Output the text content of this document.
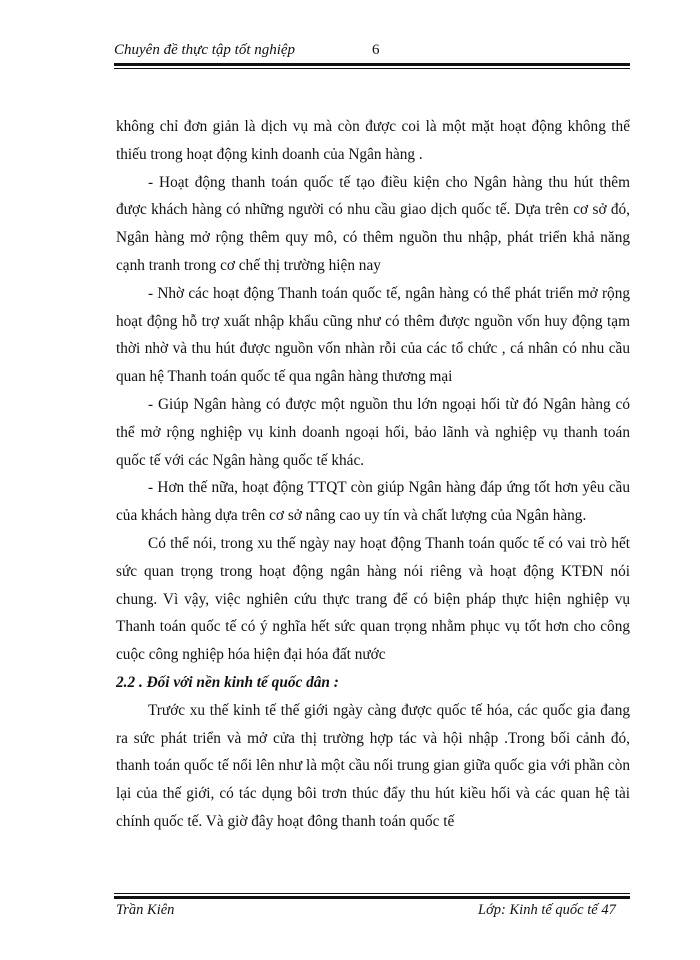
Chuyên đề thực tập tốt nghiệp	6

không chỉ đơn giản là dịch vụ mà còn được coi là một mặt hoạt động không thể thiếu trong hoạt động kinh doanh của Ngân hàng .

- Hoạt động thanh toán quốc tế tạo điều kiện cho Ngân hàng thu hút thêm được khách hàng có những người có nhu cầu giao dịch quốc tế. Dựa trên cơ sở đó, Ngân hàng mở rộng thêm quy mô, có thêm nguồn thu nhập, phát triển khả năng cạnh tranh trong cơ chế thị trường hiện nay

- Nhờ các hoạt động Thanh toán quốc tế, ngân hàng có thể phát triển mở rộng hoạt động hỗ trợ xuất nhập khẩu cũng như có thêm được nguồn vốn huy động tạm thời nhờ và thu hút được nguồn vốn nhàn rỗi của các tổ chức , cá nhân có nhu cầu quan hệ Thanh toán quốc tế qua ngân hàng thương mại

- Giúp Ngân hàng có được một nguồn thu lớn ngoại hối từ đó Ngân hàng có thể mở rộng nghiệp vụ kinh doanh ngoại hối, bảo lãnh và nghiệp vụ thanh toán quốc tế với các Ngân hàng quốc tế khác.

- Hơn thế nữa, hoạt động TTQT còn giúp Ngân hàng đáp ứng tốt hơn yêu cầu của khách hàng dựa trên cơ sở nâng cao uy tín và chất lượng của Ngân hàng.

Có thể nói, trong xu thế ngày nay hoạt động Thanh toán quốc tế có vai trò hết sức quan trọng trong hoạt động ngân hàng nói riêng và hoạt động KTĐN nói chung. Vì vậy, việc nghiên cứu thực trang để có biện pháp thực hiện nghiệp vụ Thanh toán quốc tế có ý nghĩa hết sức quan trọng nhằm phục vụ tốt hơn cho công cuộc công nghiệp hóa hiện đại hóa đất nước

2.2 . Đối với nền kinh tế quốc dân :

Trước xu thế kinh tế thế giới ngày càng được quốc tế hóa, các quốc gia đang ra sức phát triển và mở cửa thị trường hợp tác và hội nhập .Trong bối cảnh đó, thanh toán quốc tế nổi lên như là một cầu nối trung gian giữa quốc gia với phần còn lại của thế giới, có tác dụng bôi trơn thúc đẩy thu hút kiều hối và các quan hệ tài chính quốc tế. Và giờ đây hoạt đông thanh toán quốc tế

Trần Kiên	Lớp: Kinh tế quốc tế 47
